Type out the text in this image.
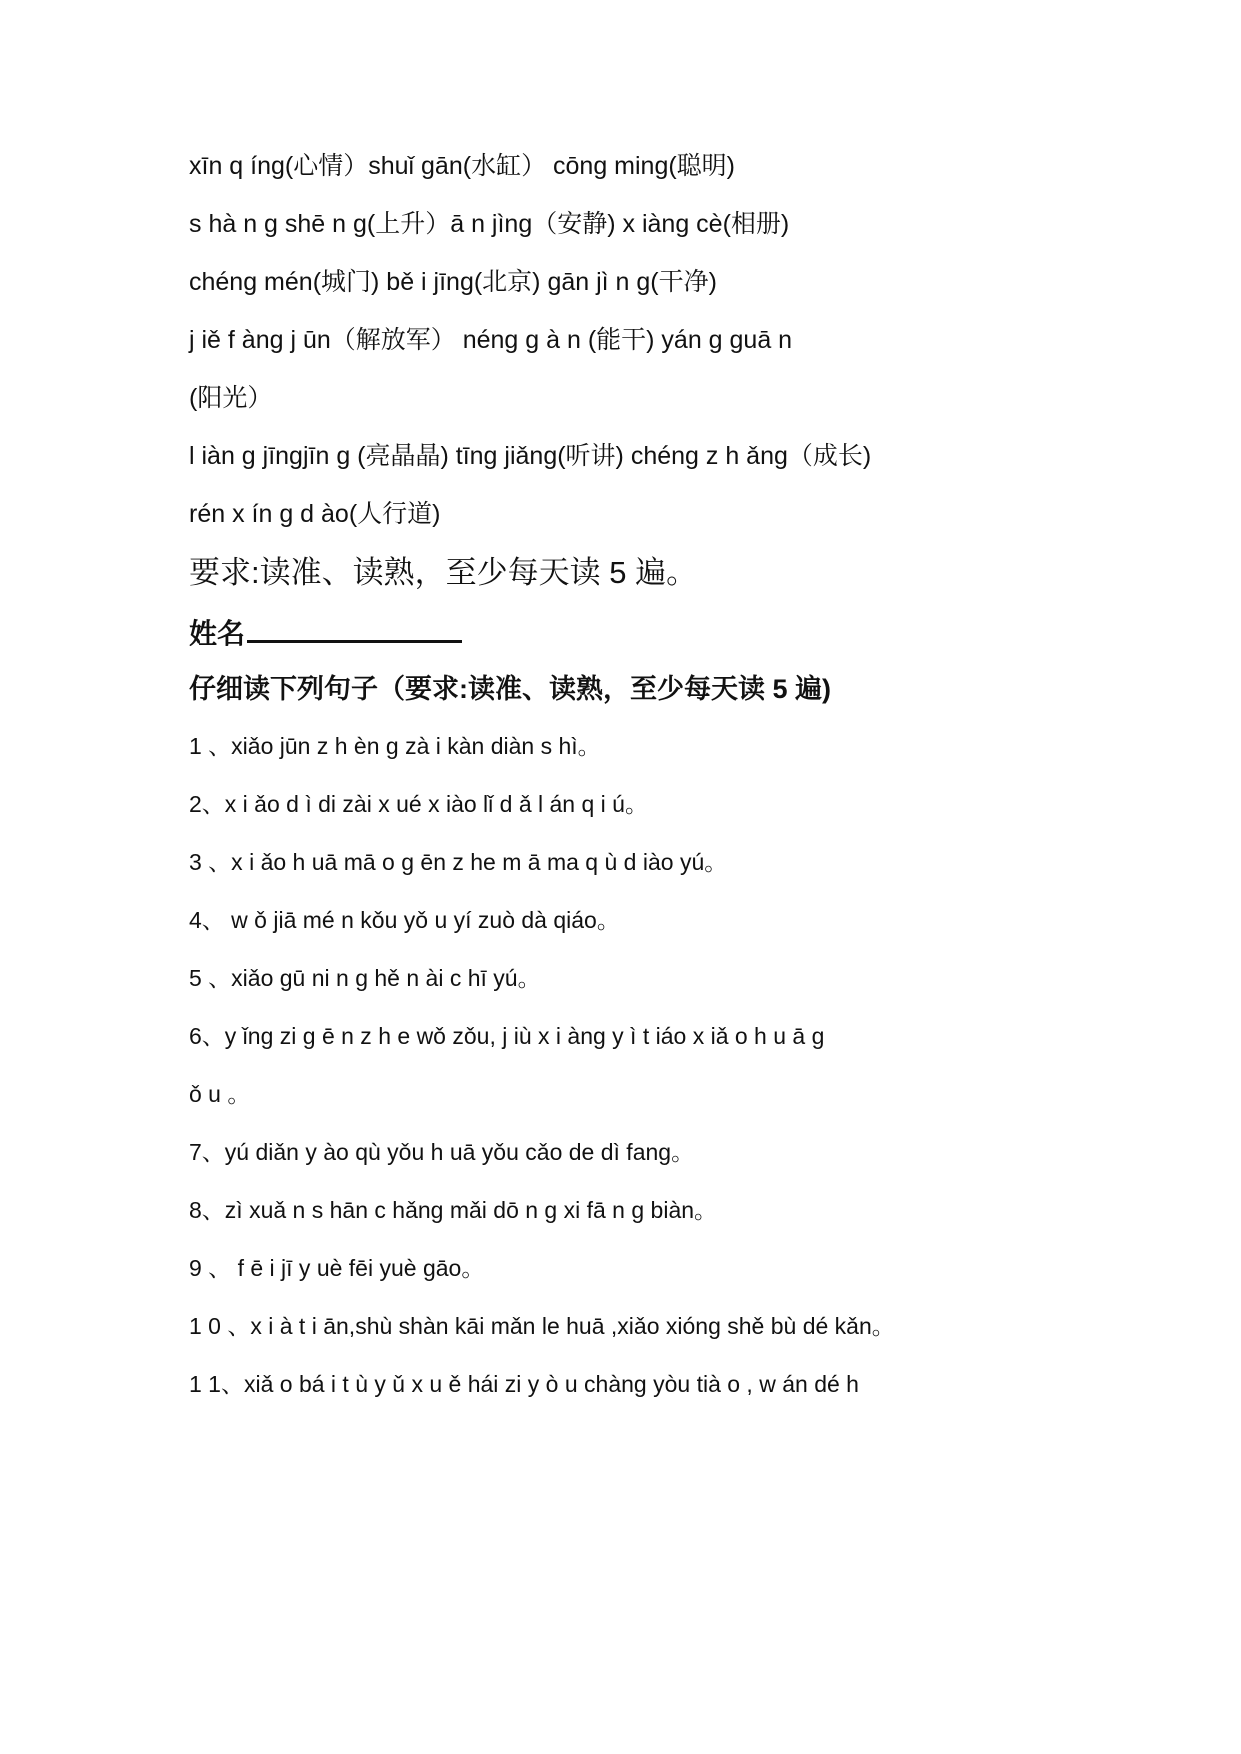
xīn q íng(心情）shuǐ gān(水缸） cōng ming(聪明)
s hà n g shē n g(上升）ā n jìng（安静) x iàng cè(相册)
chéng mén(城门) bě i jīng(北京) gān jì n g(干净)
j iě f àng j ūn（解放军） néng g à n (能干) yán g guā n
(阳光）
l iàn g jīngjīn g (亮晶晶) tīng jiǎng(听讲) chéng z h ǎng（成长)
rén x ín g d ào(人行道)
要求:读准、读熟，至少每天读 5 遍。
姓名
仔细读下列句子（要求:读准、读熟，至少每天读 5 遍)
1 、xiǎo jūn z h èn g zà i kàn diàn s hì。
2、x i ǎo d ì di zài x ué x iào lǐ d ǎ l án q i ú。
3 、x i ǎo h uā mā o g ēn z he m ā ma q ù d iào yú。
4、 w ǒ jiā mé n kǒu yǒ u yí zuò dà qiáo。
5 、xiǎo gū ni n g hě n ài c hī yú。
6、y ǐng zi g ē n z h e wǒ zǒu, j iù x i àng y ì t iáo x iǎ o h u ā g
ǒ u 。
7、yú diǎn y ào qù yǒu h uā yǒu cǎo de dì fang。
8、zì xuǎ n s hān c hǎng mǎi dō n g xi fā n g biàn。
9 、 f ē i jī y uè fēi yuè gāo。
1 0 、x i à t i ān,shù shàn kāi mǎn le huā ,xiǎo xióng shě bù dé kǎn。
1 1、xiǎ o bá i t ù y ǔ x u ě hái zi y ò u chàng yòu tià o , w án dé h
